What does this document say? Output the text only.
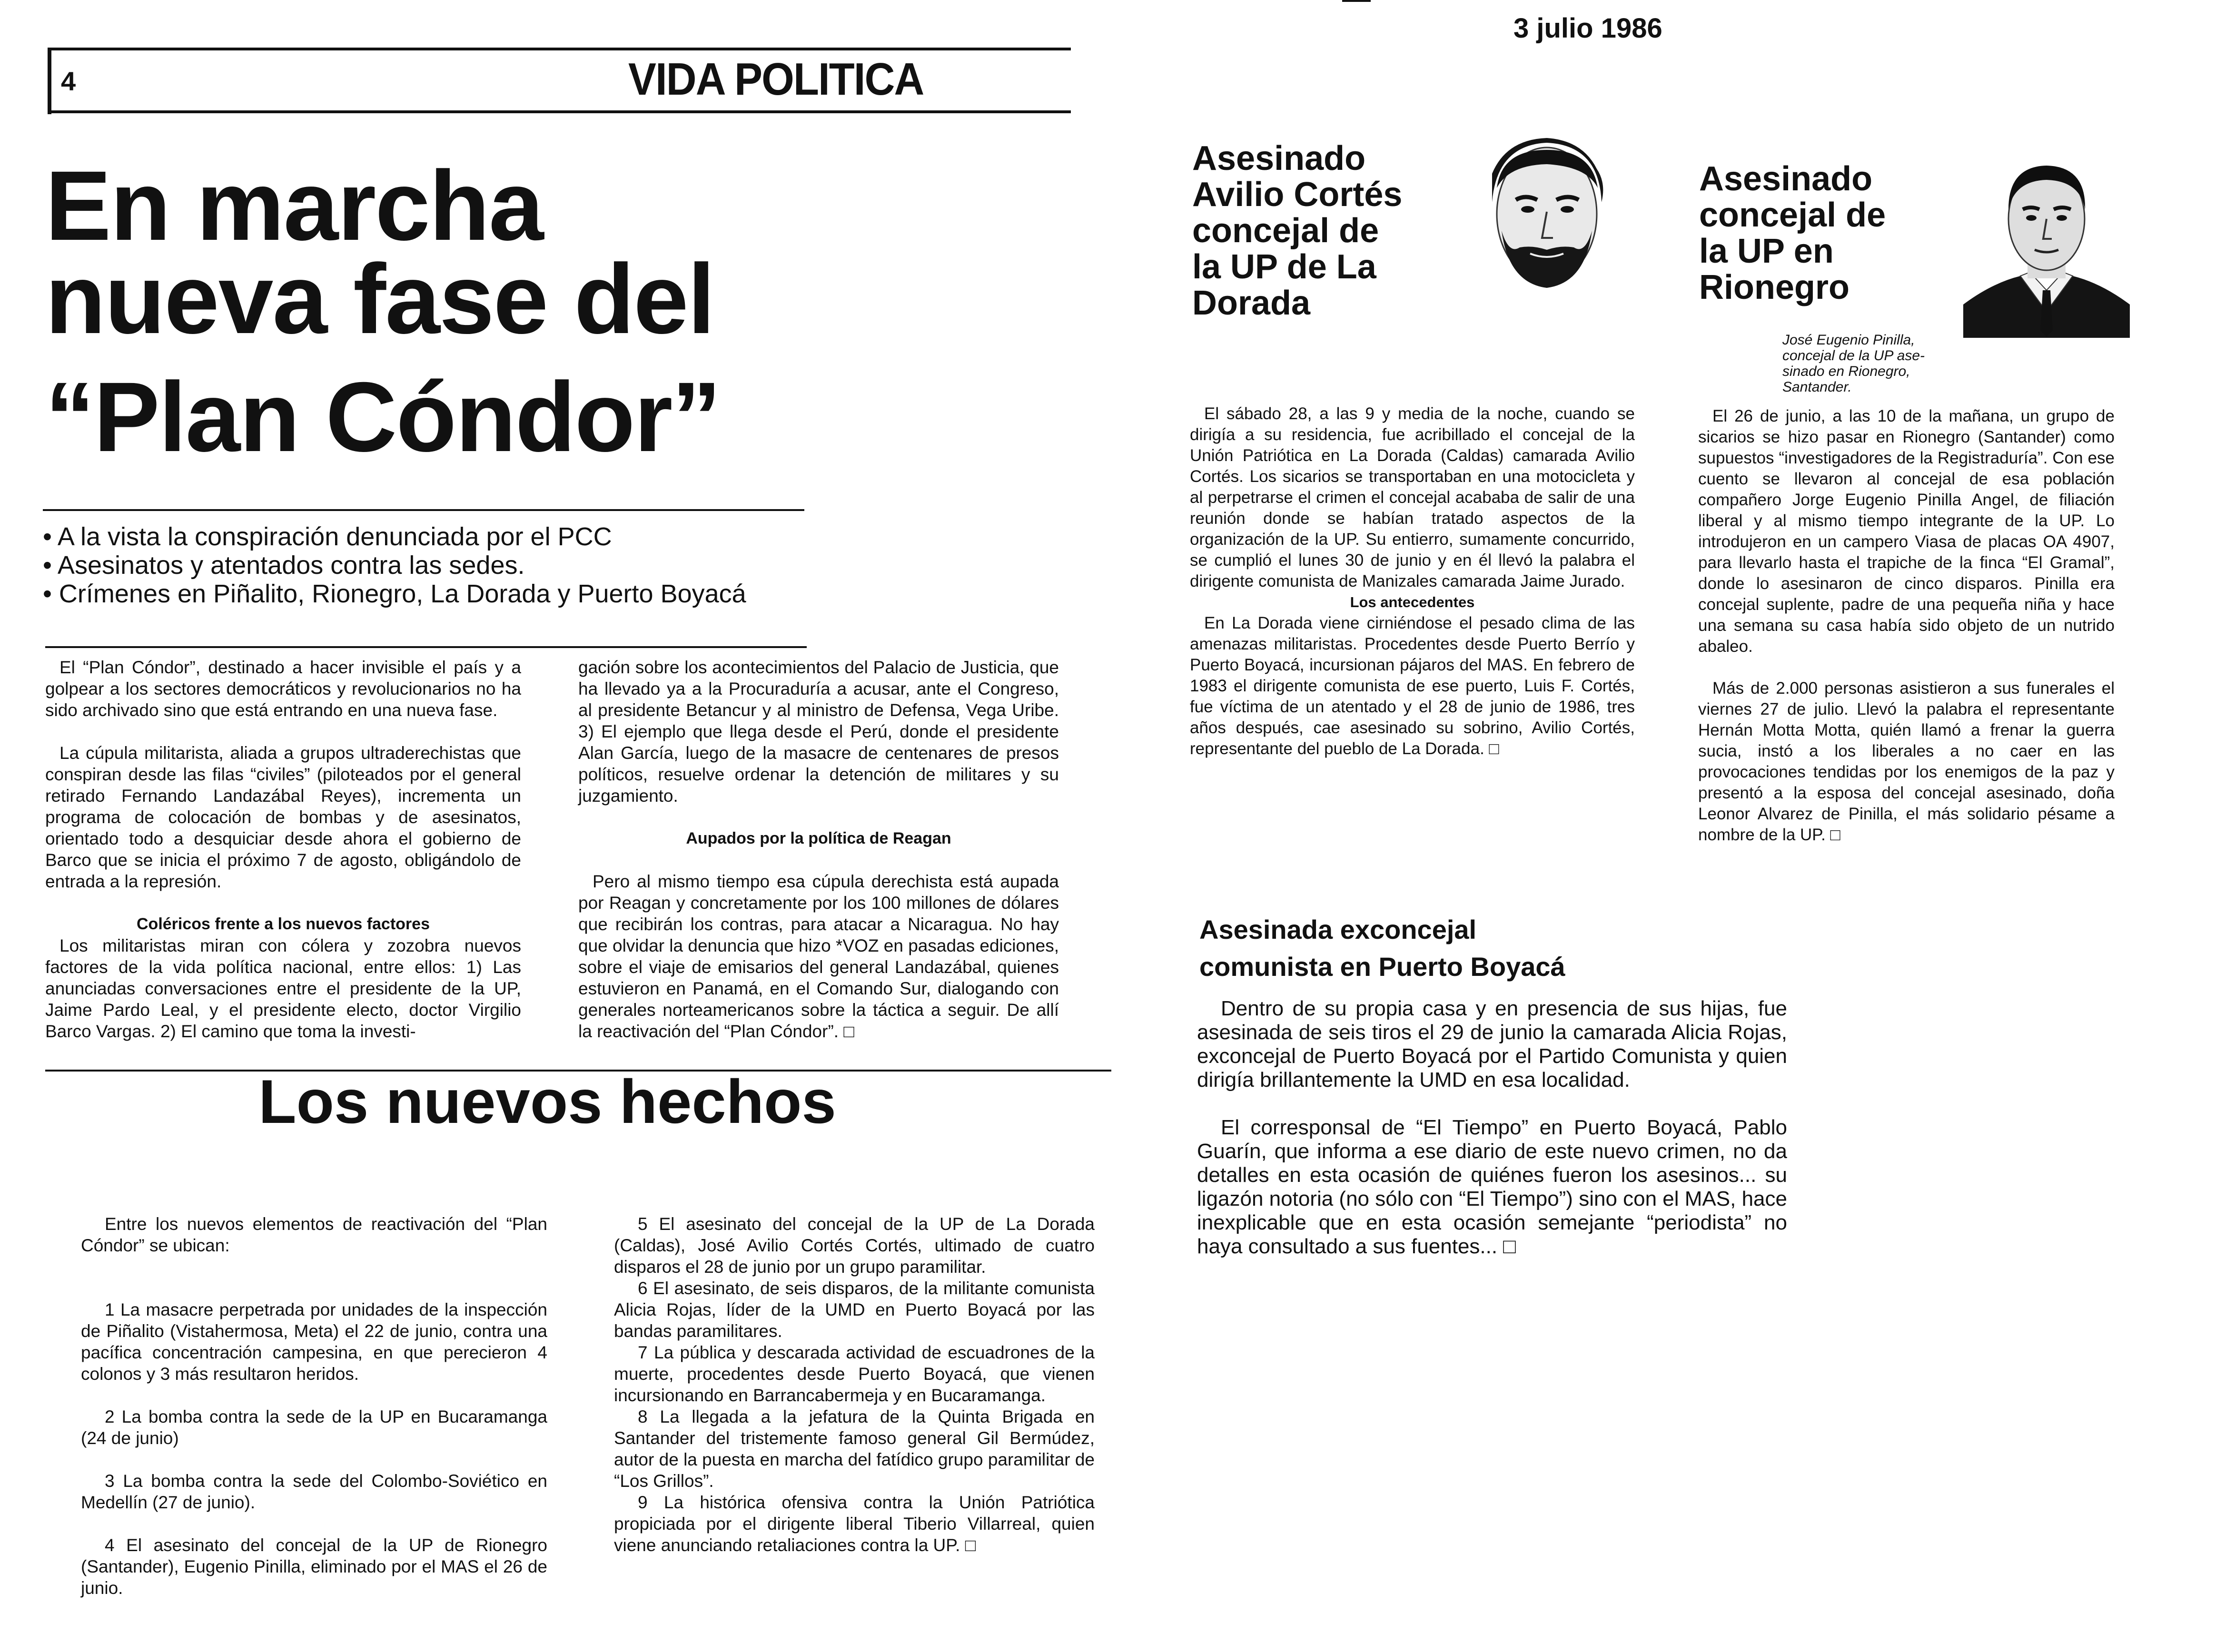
4	VIDA POLITICA
3 julio 1986
En marcha
nueva fase del
“Plan Cóndor”
• A la vista la conspiración denunciada por el PCC
• Asesinatos y atentados contra las sedes.
• Crímenes en Piñalito, Rionegro, La Dorada y Puerto Boyacá

El “Plan Cóndor”, destinado a hacer invisible el país y a golpear a los sectores democráticos y revolucionarios no ha sido archivado sino que está entrando en una nueva fase.

La cúpula militarista, aliada a grupos ultraderechistas que conspiran desde las filas “civiles” (piloteados por el general retirado Fernando Landazábal Reyes), incrementa un programa de colocación de bombas y de asesinatos, orientado todo a desquiciar desde ahora el gobierno de Barco que se inicia el próximo 7 de agosto, obligándolo de entrada a la represión.

Coléricos frente a los nuevos factores

Los militaristas miran con cólera y zozobra nuevos factores de la vida política nacional, entre ellos: 1) Las anunciadas conversaciones entre el presidente de la UP, Jaime Pardo Leal, y el presidente electo, doctor Virgilio Barco Vargas. 2) El camino que toma la investi-

gación sobre los acontecimientos del Palacio de Justicia, que ha llevado ya a la Procuraduría a acusar, ante el Congreso, al presidente Betancur y al ministro de Defensa, Vega Uribe. 3) El ejemplo que llega desde el Perú, donde el presidente Alan García, luego de la masacre de centenares de presos políticos, resuelve ordenar la detención de militares y su juzgamiento.

Aupados por la política de Reagan

Pero al mismo tiempo esa cúpula derechista está aupada por Reagan y concretamente por los 100 millones de dólares que recibirán los contras, para atacar a Nicaragua. No hay que olvidar la denuncia que hizo *VOZ en pasadas ediciones, sobre el viaje de emisarios del general Landazábal, quienes estuvieron en Panamá, en el Comando Sur, dialogando con generales norteamericanos sobre la táctica a seguir. De allí la reactivación del “Plan Cóndor”. □

Los nuevos hechos

Entre los nuevos elementos de reactivación del “Plan Cóndor” se ubican:

1 La masacre perpetrada por unidades de la inspección de Piñalito (Vistahermosa, Meta) el 22 de junio, contra una pacífica concentración campesina, en que perecieron 4 colonos y 3 más resultaron heridos.

2 La bomba contra la sede de la UP en Bucaramanga (24 de junio)

3 La bomba contra la sede del Colombo-Soviético en Medellín (27 de junio).

4 El asesinato del concejal de la UP de Rionegro (Santander), Eugenio Pinilla, eliminado por el MAS el 26 de junio.

5 El asesinato del concejal de la UP de La Dorada (Caldas), José Avilio Cortés Cortés, ultimado de cuatro disparos el 28 de junio por un grupo paramilitar.

6 El asesinato, de seis disparos, de la militante comunista Alicia Rojas, líder de la UMD en Puerto Boyacá por las bandas paramilitares.

7 La pública y descarada actividad de escuadrones de la muerte, procedentes desde Puerto Boyacá, que vienen incursionando en Barrancabermeja y en Bucaramanga.

8 La llegada a la jefatura de la Quinta Brigada en Santander del tristemente famoso general Gil Bermúdez, autor de la puesta en marcha del fatídico grupo paramilitar de “Los Grillos”.

9 La histórica ofensiva contra la Unión Patriótica propiciada por el dirigente liberal Tiberio Villarreal, quien viene anunciando retaliaciones contra la UP. □

Asesinado
Avilio Cortés
concejal de
la UP de La
Dorada

El sábado 28, a las 9 y media de la noche, cuando se dirigía a su residencia, fue acribillado el concejal de la Unión Patriótica en La Dorada (Caldas) camarada Avilio Cortés. Los sicarios se transportaban en una motocicleta y al perpetrarse el crimen el concejal acababa de salir de una reunión donde se habían tratado aspectos de la organización de la UP. Su entierro, sumamente concurrido, se cumplió el lunes 30 de junio y en él llevó la palabra el dirigente comunista de Manizales camarada Jaime Jurado.

Los antecedentes

En La Dorada viene cirniéndose el pesado clima de las amenazas militaristas. Procedentes desde Puerto Berrío y Puerto Boyacá, incursionan pájaros del MAS. En febrero de 1983 el dirigente comunista de ese puerto, Luis F. Cortés, fue víctima de un atentado y el 28 de junio de 1986, tres años después, cae asesinado su sobrino, Avilio Cortés, representante del pueblo de La Dorada. □

Asesinado
concejal de
la UP en
Rionegro
José Eugenio Pinilla,
concejal de la UP ase-
sinado en Rionegro,
Santander.

El 26 de junio, a las 10 de la mañana, un grupo de sicarios se hizo pasar en Rionegro (Santander) como supuestos “investigadores de la Registraduría”. Con ese cuento se llevaron al concejal de esa población compañero Jorge Eugenio Pinilla Angel, de filiación liberal y al mismo tiempo integrante de la UP. Lo introdujeron en un campero Viasa de placas OA 4907, para llevarlo hasta el trapiche de la finca “El Gramal”, donde lo asesinaron de cinco disparos. Pinilla era concejal suplente, padre de una pequeña niña y hace una semana su casa había sido objeto de un nutrido abaleo.

Más de 2.000 personas asistieron a sus funerales el viernes 27 de julio. Llevó la palabra el representante Hernán Motta Motta, quién llamó a frenar la guerra sucia, instó a los liberales a no caer en las provocaciones tendidas por los enemigos de la paz y presentó a la esposa del concejal asesinado, doña Leonor Alvarez de Pinilla, el más solidario pésame a nombre de la UP. □

Asesinada exconcejal
comunista en Puerto Boyacá

Dentro de su propia casa y en presencia de sus hijas, fue asesinada de seis tiros el 29 de junio la camarada Alicia Rojas, exconcejal de Puerto Boyacá por el Partido Comunista y quien dirigía brillantemente la UMD en esa localidad.

El corresponsal de “El Tiempo” en Puerto Boyacá, Pablo Guarín, que informa a ese diario de este nuevo crimen, no da detalles en esta ocasión de quiénes fueron los asesinos... su ligazón notoria (no sólo con “El Tiempo”) sino con el MAS, hace inexplicable que en esta ocasión semejante “periodista” no haya consultado a sus fuentes... □
